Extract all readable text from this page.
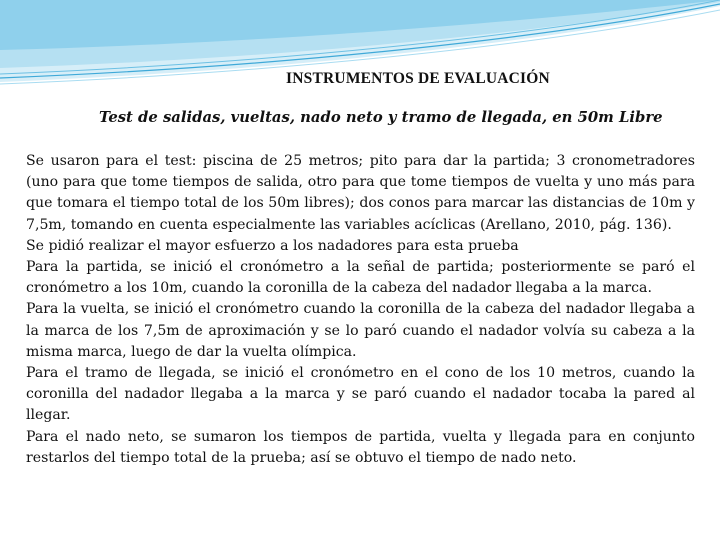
INSTRUMENTOS DE EVALUACIÓN
Test de salidas, vueltas, nado neto y tramo de llegada, en 50m Libre

Se usaron para el test: piscina de 25 metros; pito para dar la partida; 3 cronometradores (uno para que tome tiempos de salida, otro para que tome tiempos de vuelta y uno más para que tomara el tiempo total de los 50m libres); dos conos para marcar las distancias de 10m y 7,5m, tomando en cuenta especialmente las variables acíclicas (Arellano, 2010, pág. 136).

Se pidió realizar el mayor esfuerzo a los nadadores para esta prueba

Para la partida, se inició el cronómetro a la señal de partida; posteriormente se paró el cronómetro a los 10m, cuando la coronilla de la cabeza del nadador llegaba a la marca.

Para la vuelta, se inició el cronómetro cuando la coronilla de la cabeza del nadador llegaba a la marca de los 7,5m de aproximación y se lo paró cuando el nadador volvía su cabeza a la misma marca, luego de dar la vuelta olímpica.

Para el tramo de llegada, se inició el cronómetro en el cono de los 10 metros, cuando la coronilla del nadador llegaba a la marca y se paró cuando el nadador tocaba la pared al llegar.

Para el nado neto, se sumaron los tiempos de partida, vuelta y llegada para en conjunto restarlos del tiempo total de la prueba; así se obtuvo el tiempo de nado neto.
